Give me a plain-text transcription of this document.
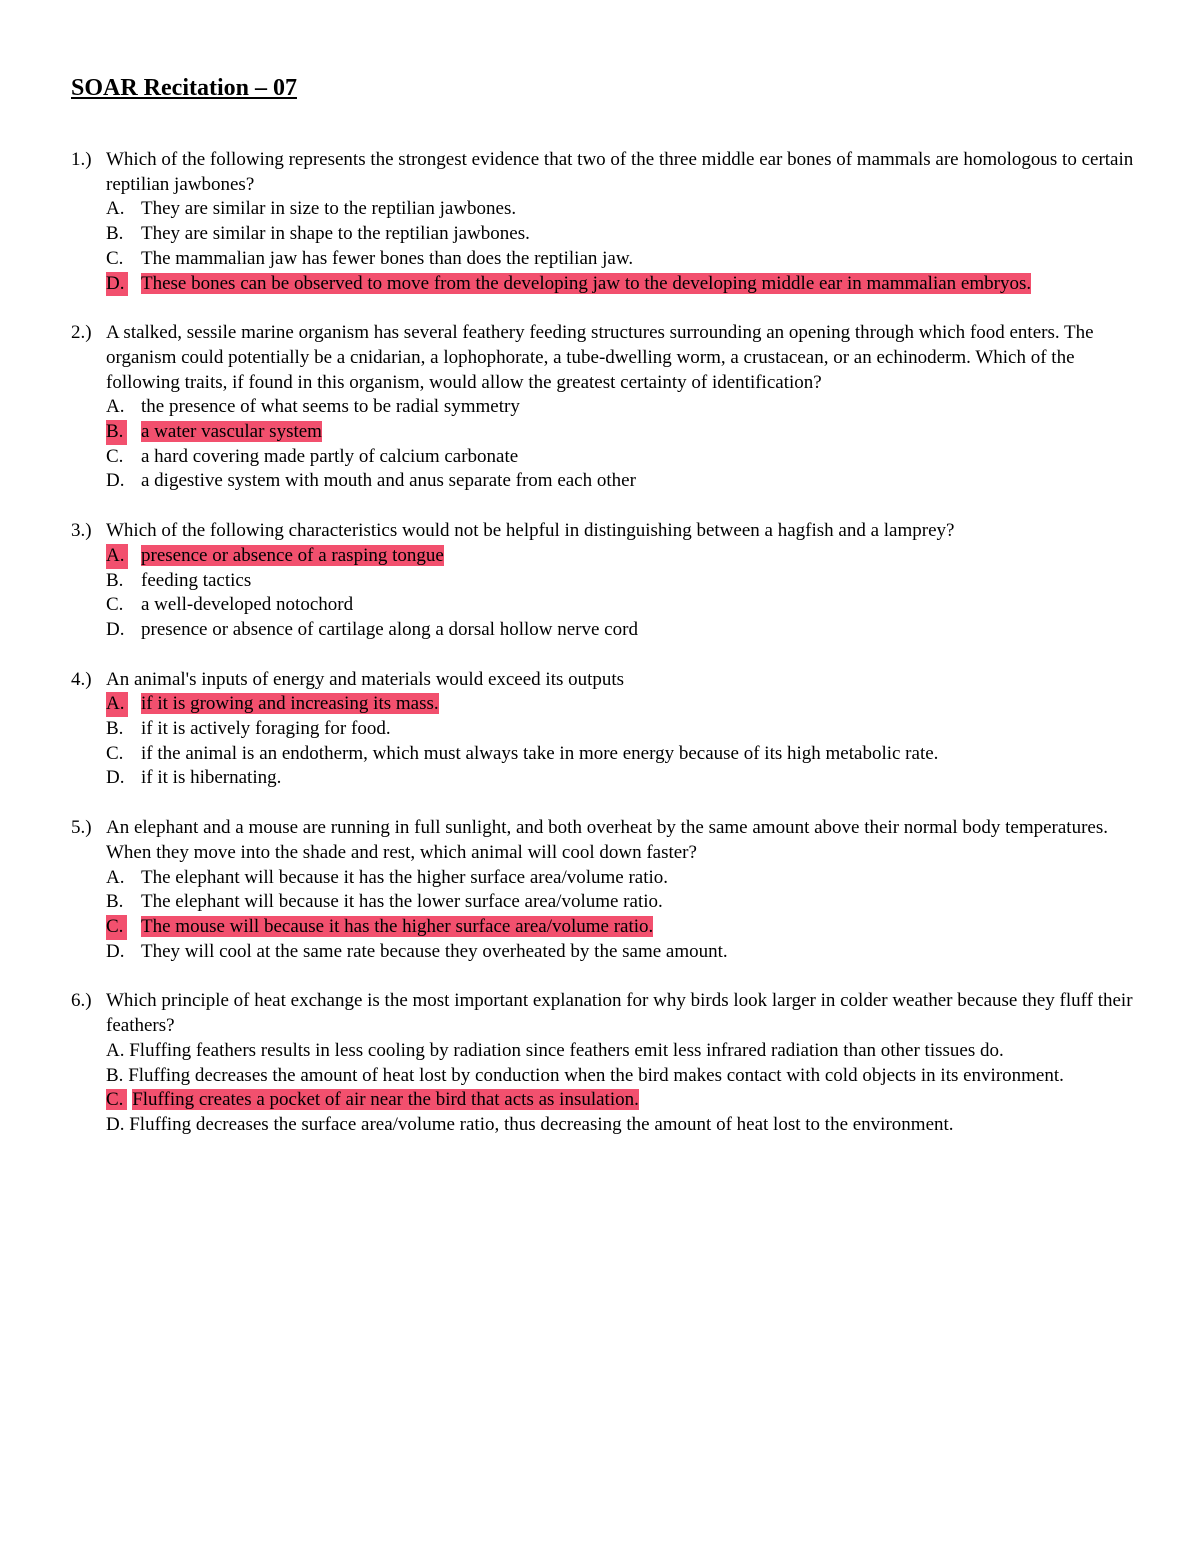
SOAR Recitation – 07
1.) Which of the following represents the strongest evidence that two of the three middle ear bones of mammals are homologous to certain reptilian jawbones?
A. They are similar in size to the reptilian jawbones.
B. They are similar in shape to the reptilian jawbones.
C. The mammalian jaw has fewer bones than does the reptilian jaw.
D. These bones can be observed to move from the developing jaw to the developing middle ear in mammalian embryos.
2.) A stalked, sessile marine organism has several feathery feeding structures surrounding an opening through which food enters. The organism could potentially be a cnidarian, a lophophorate, a tube-dwelling worm, a crustacean, or an echinoderm. Which of the following traits, if found in this organism, would allow the greatest certainty of identification?
A. the presence of what seems to be radial symmetry
B. a water vascular system
C. a hard covering made partly of calcium carbonate
D. a digestive system with mouth and anus separate from each other
3.) Which of the following characteristics would not be helpful in distinguishing between a hagfish and a lamprey?
A. presence or absence of a rasping tongue
B. feeding tactics
C. a well-developed notochord
D. presence or absence of cartilage along a dorsal hollow nerve cord
4.) An animal's inputs of energy and materials would exceed its outputs
A. if it is growing and increasing its mass.
B. if it is actively foraging for food.
C. if the animal is an endotherm, which must always take in more energy because of its high metabolic rate.
D. if it is hibernating.
5.) An elephant and a mouse are running in full sunlight, and both overheat by the same amount above their normal body temperatures. When they move into the shade and rest, which animal will cool down faster?
A. The elephant will because it has the higher surface area/volume ratio.
B. The elephant will because it has the lower surface area/volume ratio.
C. The mouse will because it has the higher surface area/volume ratio.
D. They will cool at the same rate because they overheated by the same amount.
6.) Which principle of heat exchange is the most important explanation for why birds look larger in colder weather because they fluff their feathers?
A. Fluffing feathers results in less cooling by radiation since feathers emit less infrared radiation than other tissues do.
B. Fluffing decreases the amount of heat lost by conduction when the bird makes contact with cold objects in its environment.
C. Fluffing creates a pocket of air near the bird that acts as insulation.
D. Fluffing decreases the surface area/volume ratio, thus decreasing the amount of heat lost to the environment.
